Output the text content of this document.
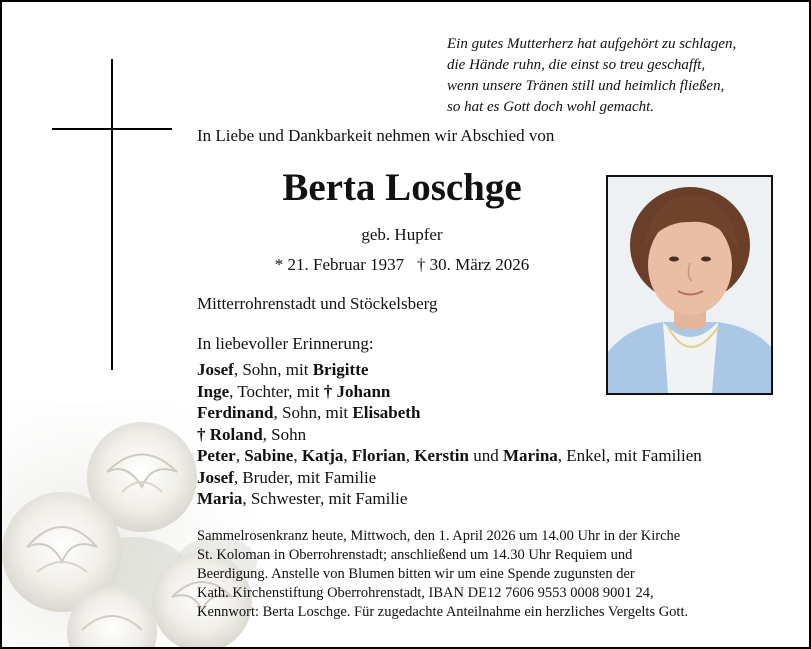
Ein gutes Mutterherz hat aufgehört zu schlagen,
die Hände ruhn, die einst so treu geschafft,
wenn unsere Tränen still und heimlich fließen,
so hat es Gott doch wohl gemacht.
In Liebe und Dankbarkeit nehmen wir Abschied von
Berta Loschge
geb. Hupfer
* 21. Februar 1937   † 30. März 2026
Mitterrohrenstadt und Stöckelsberg
In liebevoller Erinnerung:
Josef, Sohn, mit Brigitte
Inge, Tochter, mit † Johann
Ferdinand, Sohn, mit Elisabeth
† Roland, Sohn
Peter, Sabine, Katja, Florian, Kerstin und Marina, Enkel, mit Familien
Josef, Bruder, mit Familie
Maria, Schwester, mit Familie
Sammelrosenkranz heute, Mittwoch, den 1. April 2026 um 14.00 Uhr in der Kirche
St. Koloman in Oberrohrenstadt; anschließend um 14.30 Uhr Requiem und
Beerdigung. Anstelle von Blumen bitten wir um eine Spende zugunsten der
Kath. Kirchenstiftung Oberrohrenstadt, IBAN DE12 7606 9553 0008 9001 24,
Kennwort: Berta Loschge. Für zugedachte Anteilnahme ein herzliches Vergelts Gott.
